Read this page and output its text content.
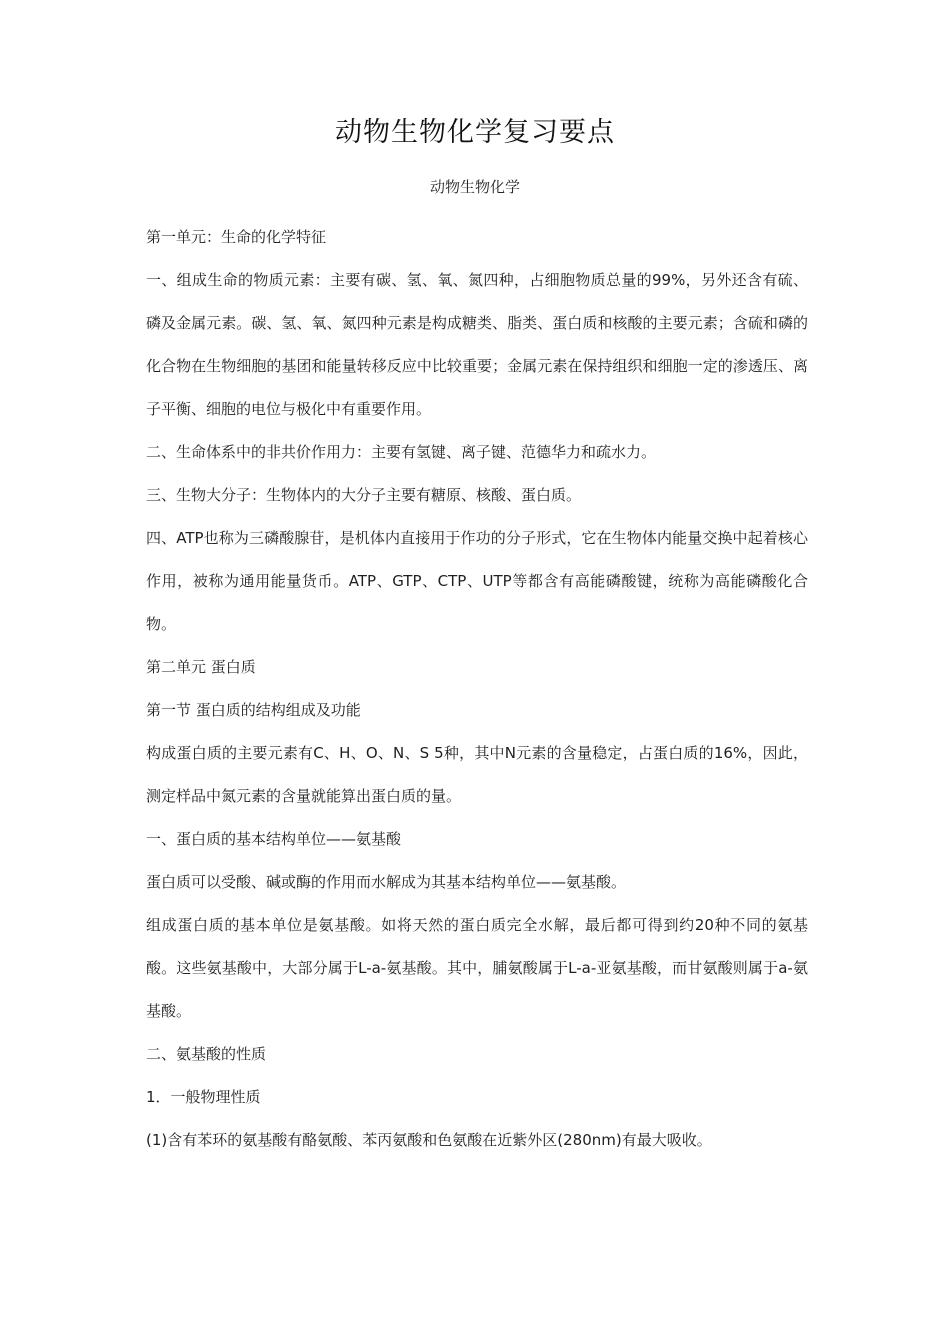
动物生物化学复习要点
动物生物化学

第一单元：生命的化学特征

一、组成生命的物质元素：主要有碳、氢、氧、氮四种，占细胞物质总量的99%，另外还含有硫、磷及金属元素。碳、氢、氧、氮四种元素是构成糖类、脂类、蛋白质和核酸的主要元素；含硫和磷的化合物在生物细胞的基团和能量转移反应中比较重要；金属元素在保持组织和细胞一定的渗透压、离子平衡、细胞的电位与极化中有重要作用。

二、生命体系中的非共价作用力：主要有氢键、离子键、范德华力和疏水力。

三、生物大分子：生物体内的大分子主要有糖原、核酸、蛋白质。

四、ATP也称为三磷酸腺苷，是机体内直接用于作功的分子形式，它在生物体内能量交换中起着核心作用，被称为通用能量货币。ATP、GTP、CTP、UTP等都含有高能磷酸键，统称为高能磷酸化合物。

第二单元 蛋白质

第一节 蛋白质的结构组成及功能

构成蛋白质的主要元素有C、H、O、N、S 5种，其中N元素的含量稳定，占蛋白质的16%，因此，测定样品中氮元素的含量就能算出蛋白质的量。

一、蛋白质的基本结构单位——氨基酸

蛋白质可以受酸、碱或酶的作用而水解成为其基本结构单位——氨基酸。

组成蛋白质的基本单位是氨基酸。如将天然的蛋白质完全水解，最后都可得到约20种不同的氨基酸。这些氨基酸中，大部分属于L-a-氨基酸。其中，脯氨酸属于L-a-亚氨基酸，而甘氨酸则属于a-氨基酸。

二、氨基酸的性质

1．一般物理性质

(1)含有苯环的氨基酸有酪氨酸、苯丙氨酸和色氨酸在近紫外区(280nm)有最大吸收。
